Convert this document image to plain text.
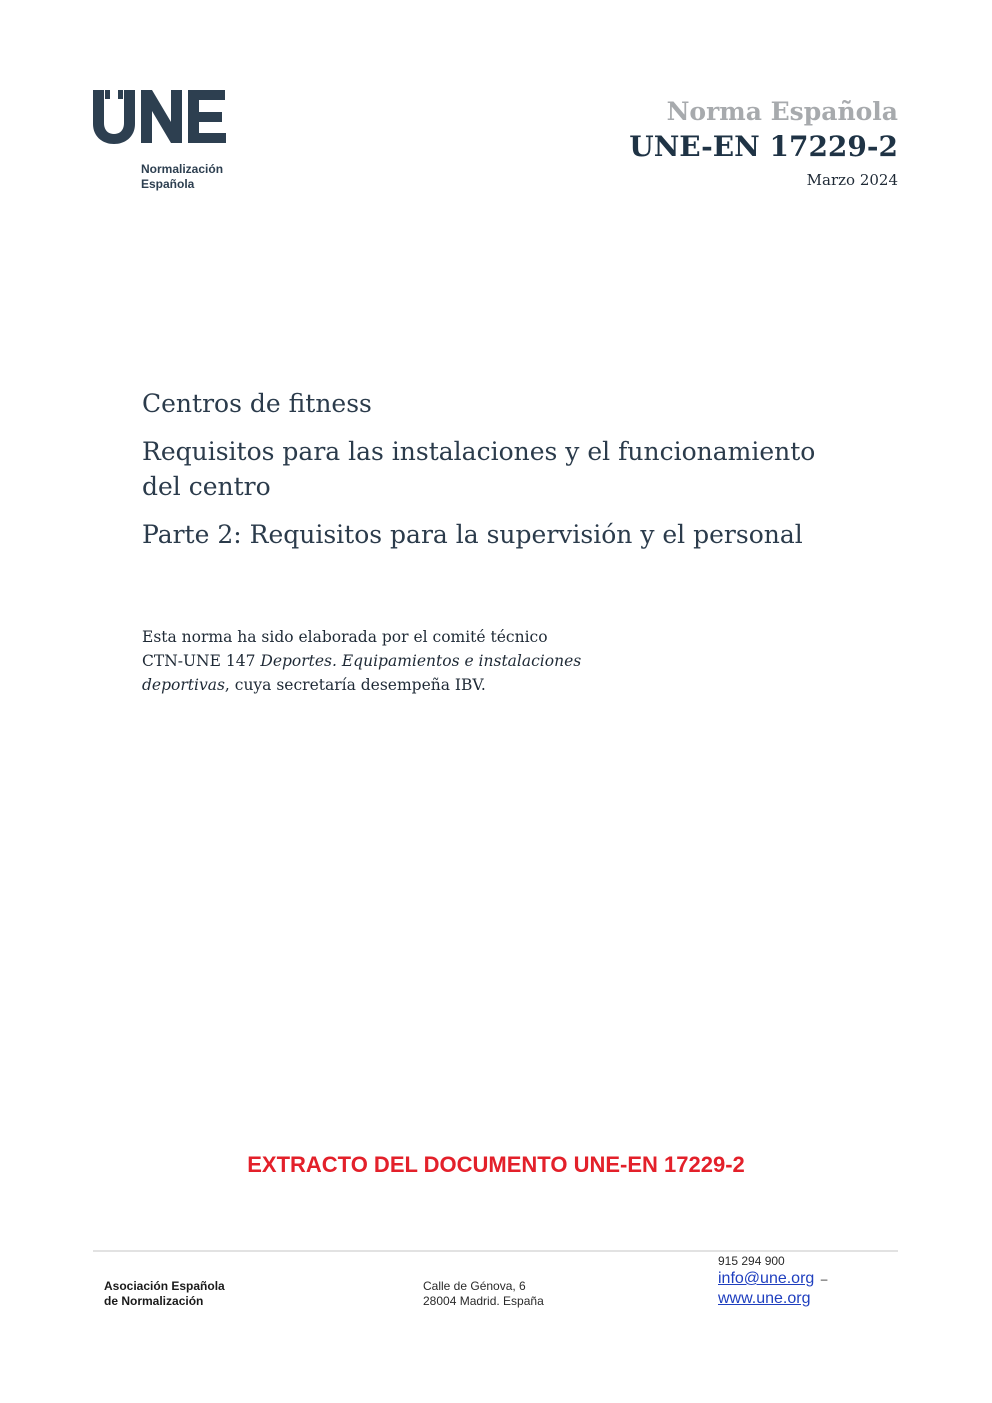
Normalización
Española
Norma Española
UNE-EN 17229-2
Marzo 2024
Centros de fitness
Requisitos para las instalaciones y el funcionamiento del centro
Parte 2: Requisitos para la supervisión y el personal
Esta norma ha sido elaborada por el comité técnico
CTN-UNE 147 Deportes. Equipamientos e instalaciones deportivas, cuya secretaría desempeña IBV.
EXTRACTO DEL DOCUMENTO UNE-EN 17229-2
Asociación Española
de Normalización
Calle de Génova, 6
28004 Madrid. España
915 294 900
info@une.org –
www.une.org
